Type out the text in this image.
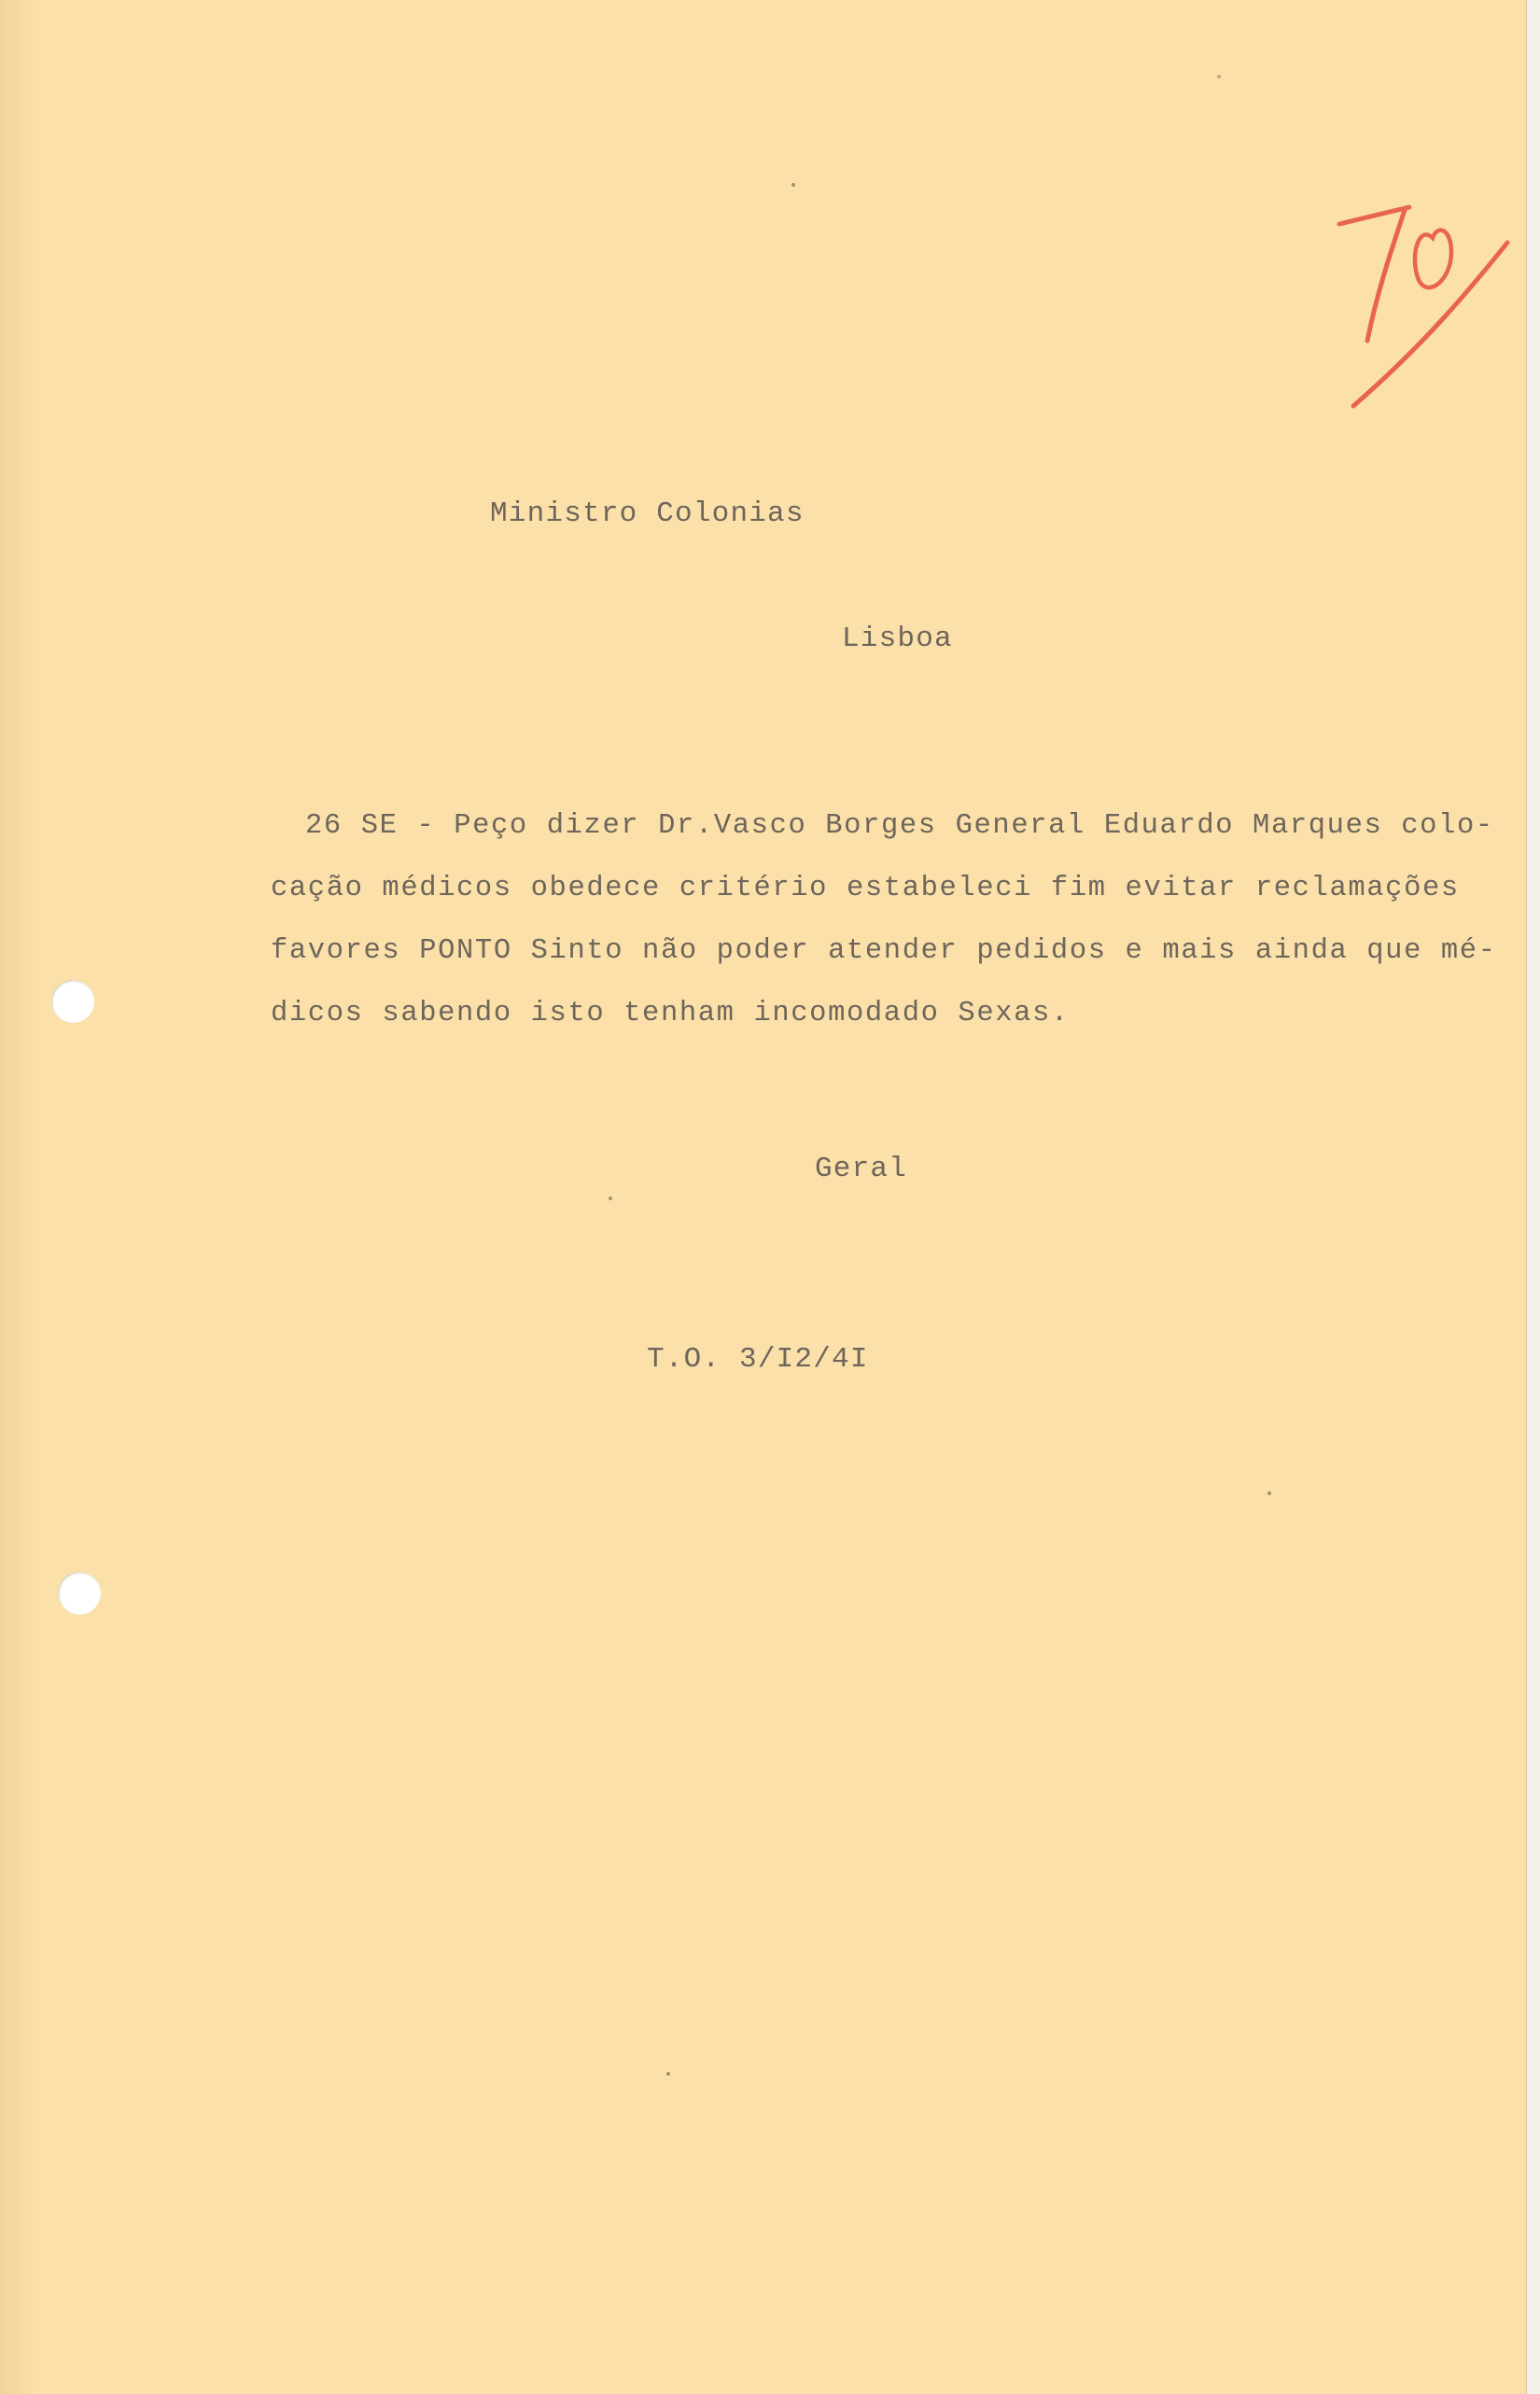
Ministro Colonias
Lisboa
26 SE - Peço dizer Dr.Vasco Borges General Eduardo Marques colo-
cação médicos obedece critério estabeleci fim evitar reclamações
favores PONTO Sinto não poder atender pedidos e mais ainda que mé-
dicos sabendo isto tenham incomodado Sexas.
Geral
T.O. 3/I2/4I
